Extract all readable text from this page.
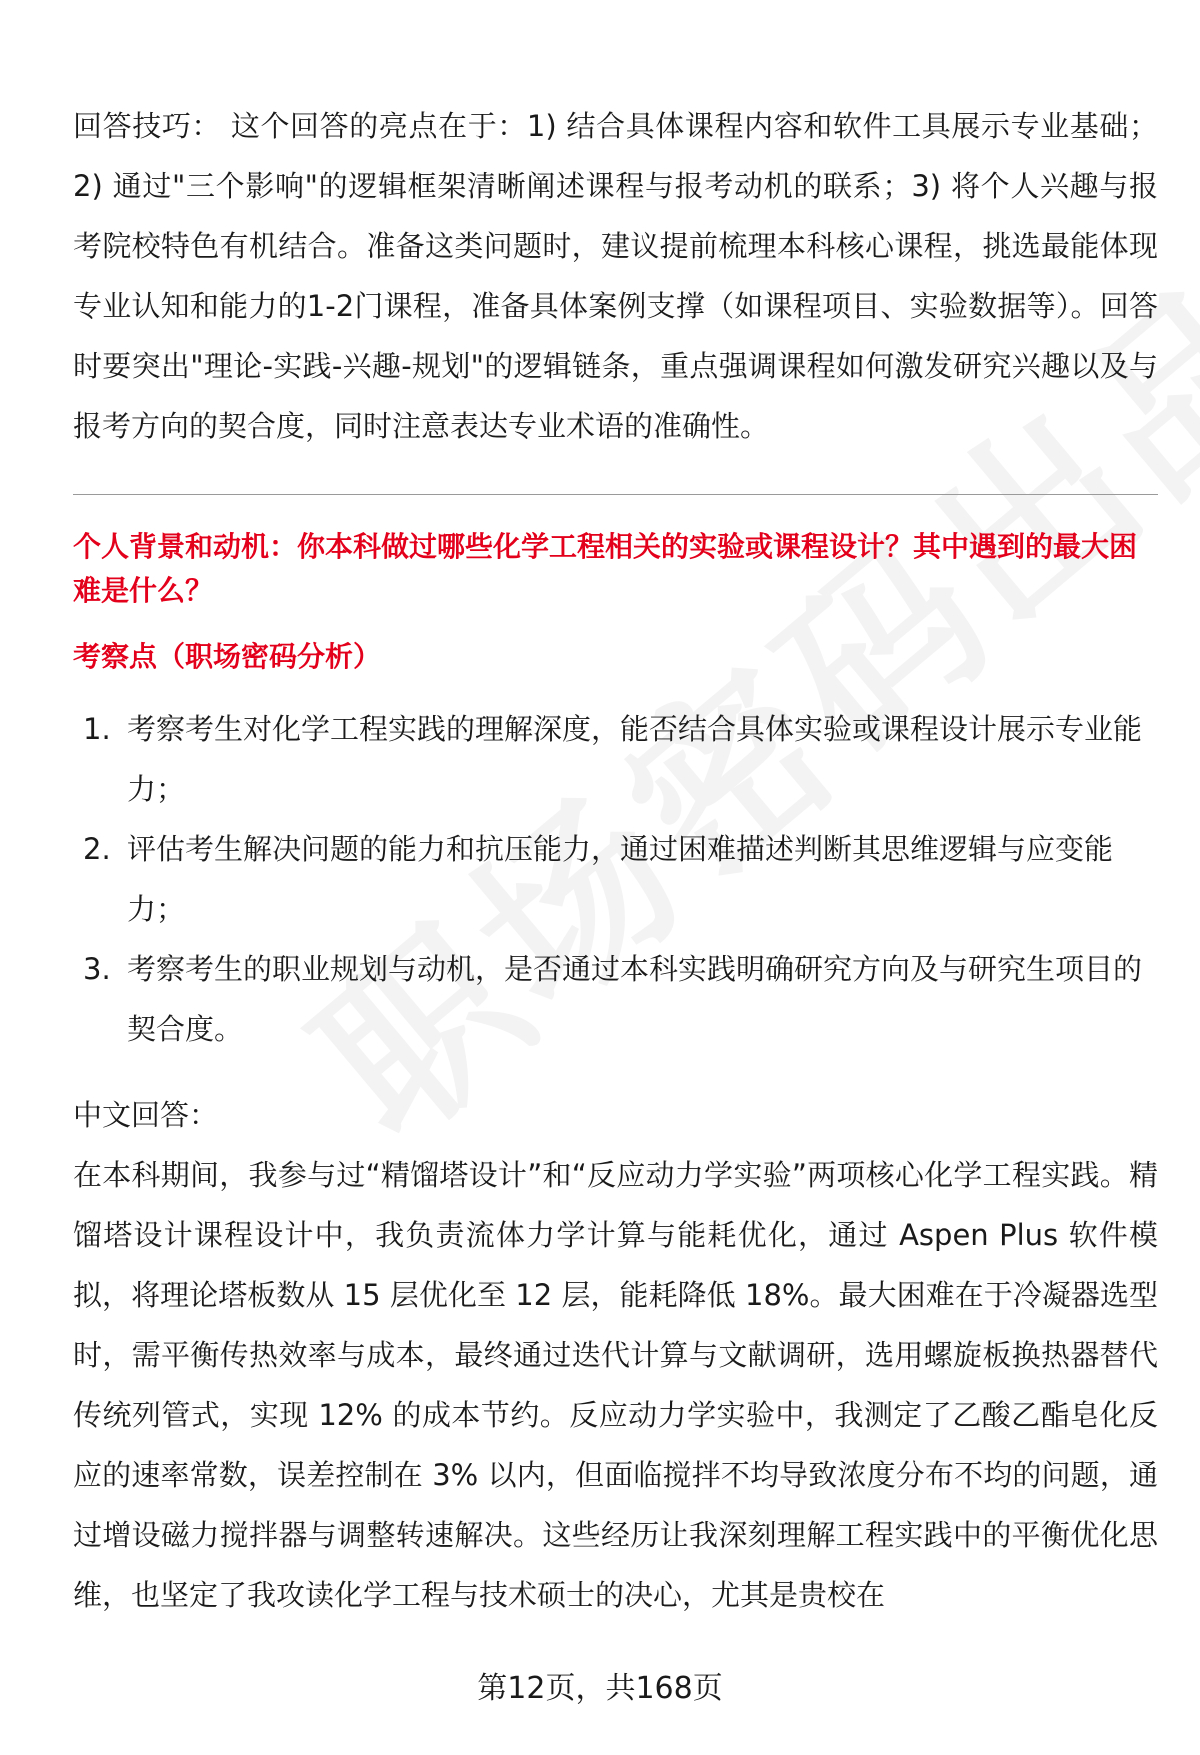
回答技巧： 这个回答的亮点在于：1) 结合具体课程内容和软件工具展示专业基础；2) 通过"三个影响"的逻辑框架清晰阐述课程与报考动机的联系；3) 将个人兴趣与报考院校特色有机结合。准备这类问题时，建议提前梳理本科核心课程，挑选最能体现专业认知和能力的1-2门课程，准备具体案例支撑（如课程项目、实验数据等）。回答时要突出"理论-实践-兴趣-规划"的逻辑链条，重点强调课程如何激发研究兴趣以及与报考方向的契合度，同时注意表达专业术语的准确性。

个人背景和动机：你本科做过哪些化学工程相关的实验或课程设计？其中遇到的最大困难是什么？

考察点（职场密码分析）

1. 考察考生对化学工程实践的理解深度，能否结合具体实验或课程设计展示专业能力；
2. 评估考生解决问题的能力和抗压能力，通过困难描述判断其思维逻辑与应变能力；
3. 考察考生的职业规划与动机，是否通过本科实践明确研究方向及与研究生项目的契合度。

中文回答：

在本科期间，我参与过“精馏塔设计”和“反应动力学实验”两项核心化学工程实践。精馏塔设计课程设计中，我负责流体力学计算与能耗优化，通过 Aspen Plus 软件模拟，将理论塔板数从 15 层优化至 12 层，能耗降低 18%。最大困难在于冷凝器选型时，需平衡传热效率与成本，最终通过迭代计算与文献调研，选用螺旋板换热器替代传统列管式，实现 12% 的成本节约。反应动力学实验中，我测定了乙酸乙酯皂化反应的速率常数，误差控制在 3% 以内，但面临搅拌不均导致浓度分布不均的问题，通过增设磁力搅拌器与调整转速解决。这些经历让我深刻理解工程实践中的平衡优化思维，也坚定了我攻读化学工程与技术硕士的决心，尤其是贵校在

第12页，共168页
